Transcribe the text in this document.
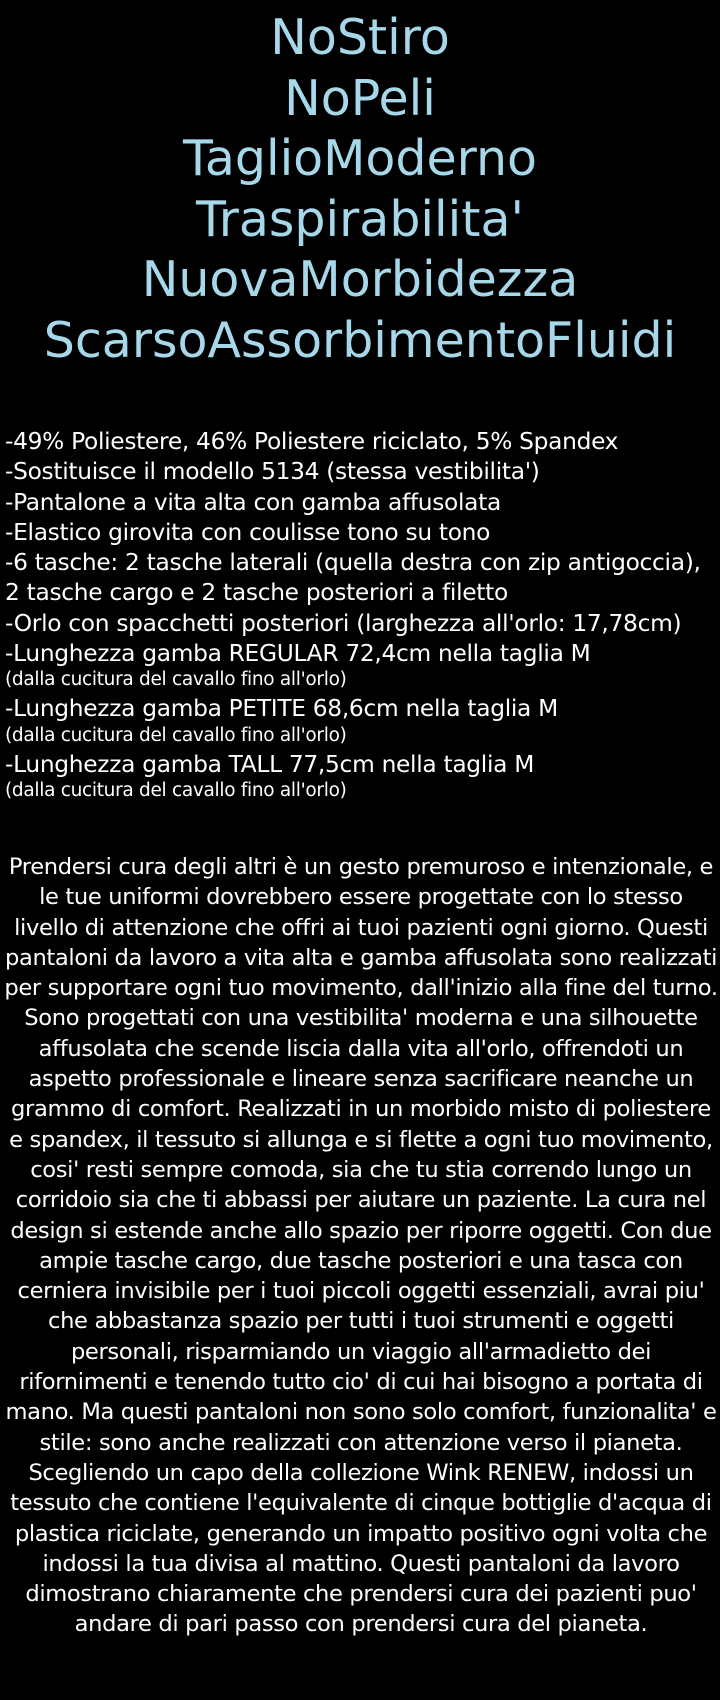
NoStiro
NoPeli
TaglioModerno
Traspirabilita'
NuovaMorbidezza
ScarsoAssorbimentoFluidi
-49% Poliestere, 46% Poliestere riciclato, 5% Spandex
-Sostituisce il modello 5134 (stessa vestibilita')
-Pantalone a vita alta con gamba affusolata
-Elastico girovita con coulisse tono su tono
-6 tasche: 2 tasche laterali (quella destra con zip antigoccia), 2 tasche cargo e 2 tasche posteriori a filetto
-Orlo con spacchetti posteriori (larghezza all'orlo: 17,78cm)
-Lunghezza gamba REGULAR 72,4cm nella taglia M
(dalla cucitura del cavallo fino all'orlo)
-Lunghezza gamba PETITE 68,6cm nella taglia M
(dalla cucitura del cavallo fino all'orlo)
-Lunghezza gamba TALL 77,5cm nella taglia M
(dalla cucitura del cavallo fino all'orlo)

Prendersi cura degli altri è un gesto premuroso e intenzionale, e le tue uniformi dovrebbero essere progettate con lo stesso livello di attenzione che offri ai tuoi pazienti ogni giorno. Questi pantaloni da lavoro a vita alta e gamba affusolata sono realizzati per supportare ogni tuo movimento, dall'inizio alla fine del turno. Sono progettati con una vestibilita' moderna e una silhouette affusolata che scende liscia dalla vita all'orlo, offrendoti un aspetto professionale e lineare senza sacrificare neanche un grammo di comfort. Realizzati in un morbido misto di poliestere e spandex, il tessuto si allunga e si flette a ogni tuo movimento, cosi' resti sempre comoda, sia che tu stia correndo lungo un corridoio sia che ti abbassi per aiutare un paziente. La cura nel design si estende anche allo spazio per riporre oggetti. Con due ampie tasche cargo, due tasche posteriori e una tasca con cerniera invisibile per i tuoi piccoli oggetti essenziali, avrai piu' che abbastanza spazio per tutti i tuoi strumenti e oggetti personali, risparmiando un viaggio all'armadietto dei rifornimenti e tenendo tutto cio' di cui hai bisogno a portata di mano. Ma questi pantaloni non sono solo comfort, funzionalita' e stile: sono anche realizzati con attenzione verso il pianeta. Scegliendo un capo della collezione Wink RENEW, indossi un tessuto che contiene l'equivalente di cinque bottiglie d'acqua di plastica riciclate, generando un impatto positivo ogni volta che indossi la tua divisa al mattino. Questi pantaloni da lavoro dimostrano chiaramente che prendersi cura dei pazienti puo' andare di pari passo con prendersi cura del pianeta.
